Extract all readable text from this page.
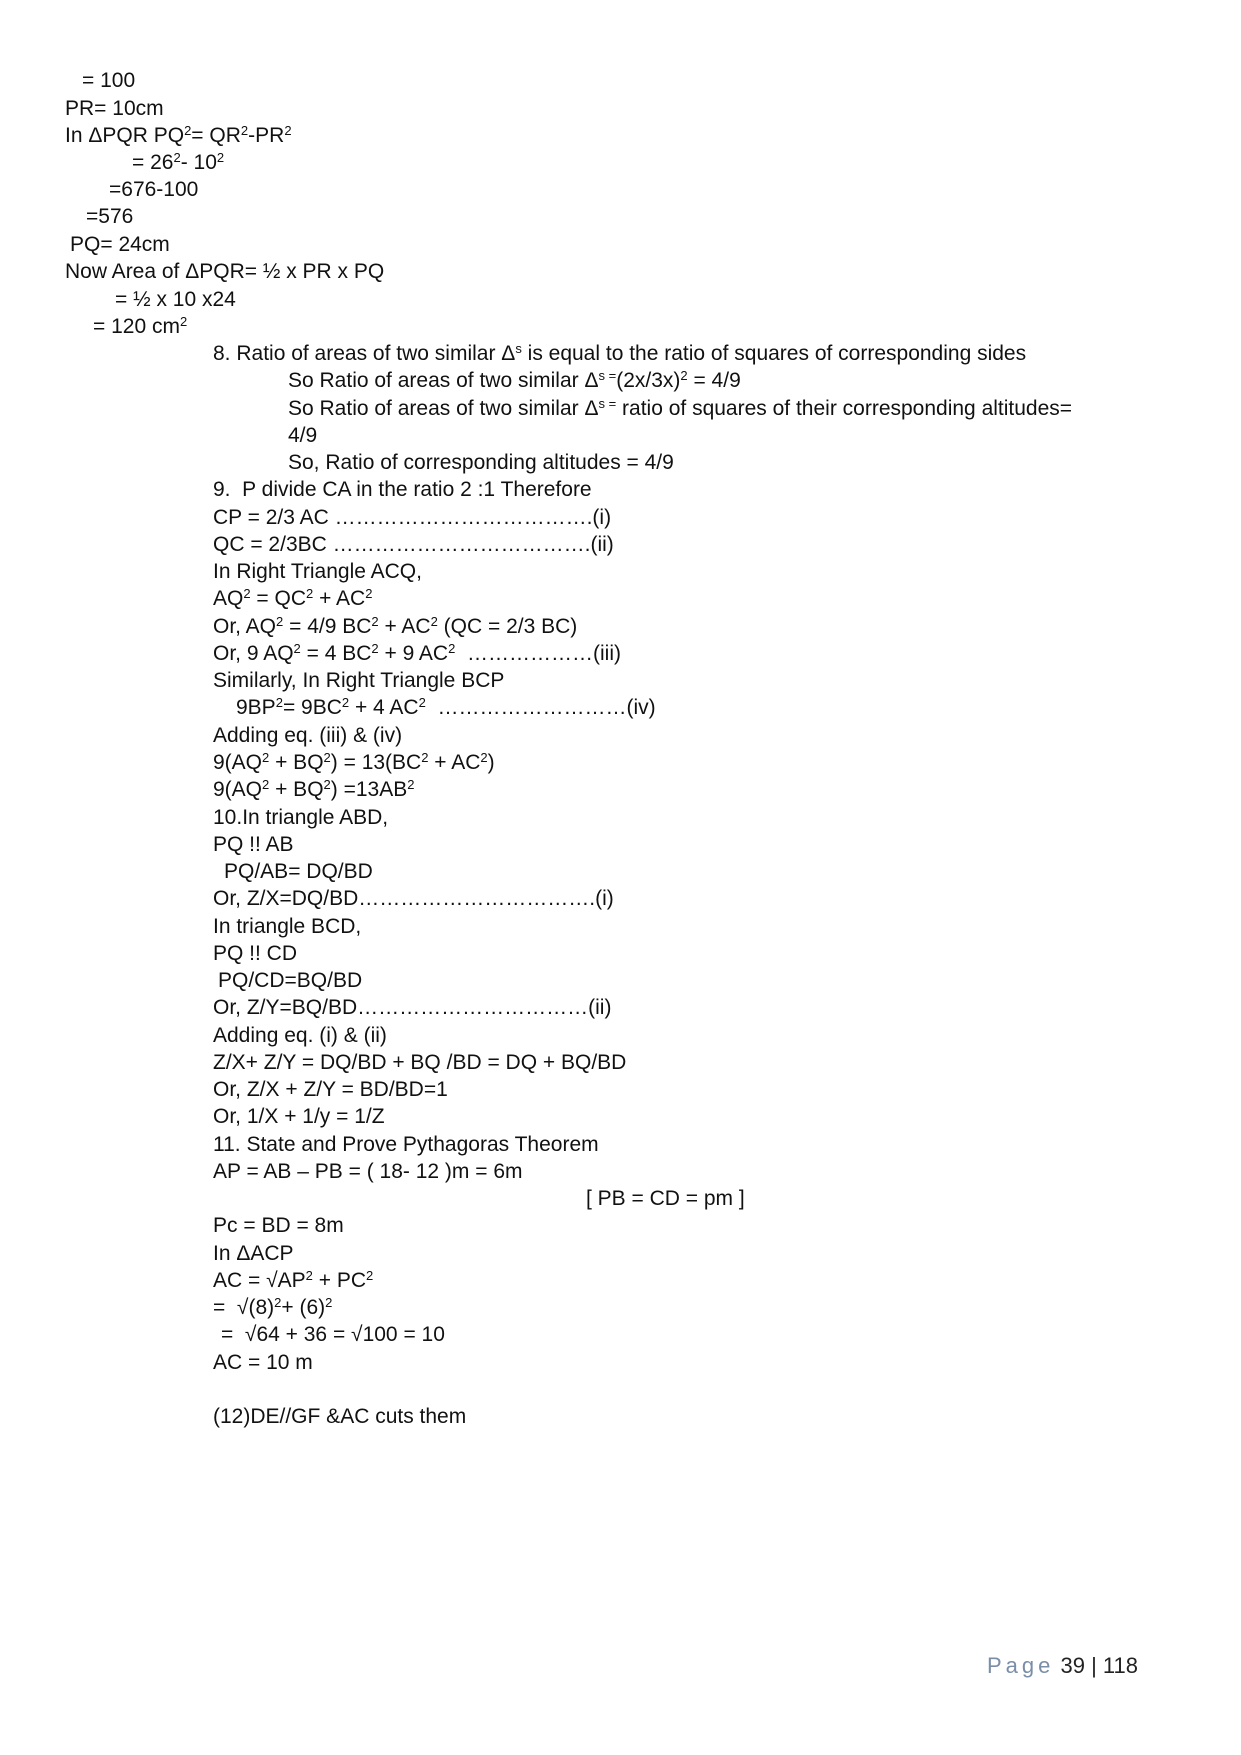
= 100
PR= 10cm
In ΔPQR $PQ^2= QR^2-PR^2$
= $26^2-$ $10^2$
=676-100
=576
PQ= 24cm
Now Area of ΔPQR= ½ x PR x PQ
= ½ x 10 x24
= 120 $cm^2$
8. Ratio of areas of two similar $\Delta^s$ is equal to the ratio of squares of corresponding sides
So Ratio of areas of two similar $\Delta^{s =}(2x/3x)^2 = 4/9$
So Ratio of areas of two similar $\Delta^{s =}$ ratio of squares of their corresponding altitudes=
4/9
So, Ratio of corresponding altitudes = 4/9
9.  P divide CA in the ratio 2 :1 Therefore
CP = 2/3 AC ……………………………….(i)
QC = 2/3BC ……………………………….(ii)
In Right Triangle ACQ,
$AQ^2 = QC^2 + AC^2$
Or, $AQ^2 = 4/9$ $BC^2 + AC^2$ (QC = 2/3 BC)
Or, 9 $AQ^2 = 4$ $BC^2 + 9$ $AC^2$  ………………(iii)
Similarly, In Right Triangle BCP
$9BP^2= 9BC^2 + 4$ $AC^2$  ………………………(iv)
Adding eq. (iii) & (iv)
$9(AQ^2 + BQ^2) = 13(BC^2 + AC^2)$
$9(AQ^2 + BQ^2) =13AB^2$
10.In triangle ABD,
PQ !! AB
PQ/AB= DQ/BD
Or, Z/X=DQ/BD…………………………….(i)
In triangle BCD,
PQ !! CD
PQ/CD=BQ/BD
Or, Z/Y=BQ/BD……………………………(ii)
Adding eq. (i) & (ii)
Z/X+ Z/Y = DQ/BD + BQ /BD = DQ + BQ/BD
Or, Z/X + Z/Y = BD/BD=1
Or, 1/X + 1/y = 1/Z
11. State and Prove Pythagoras Theorem
AP = AB – PB = ( 18- 12 )m = 6m
[ PB = CD = pm ]
Pc = BD = 8m
In ΔACP
AC = $√AP^2 + PC^2$
=  $√(8)^2+ (6)^2$
=  √64 + 36 = √100 = 10
AC = 10 m
(12)DE//GF &AC cuts them
Page 39 | 118
